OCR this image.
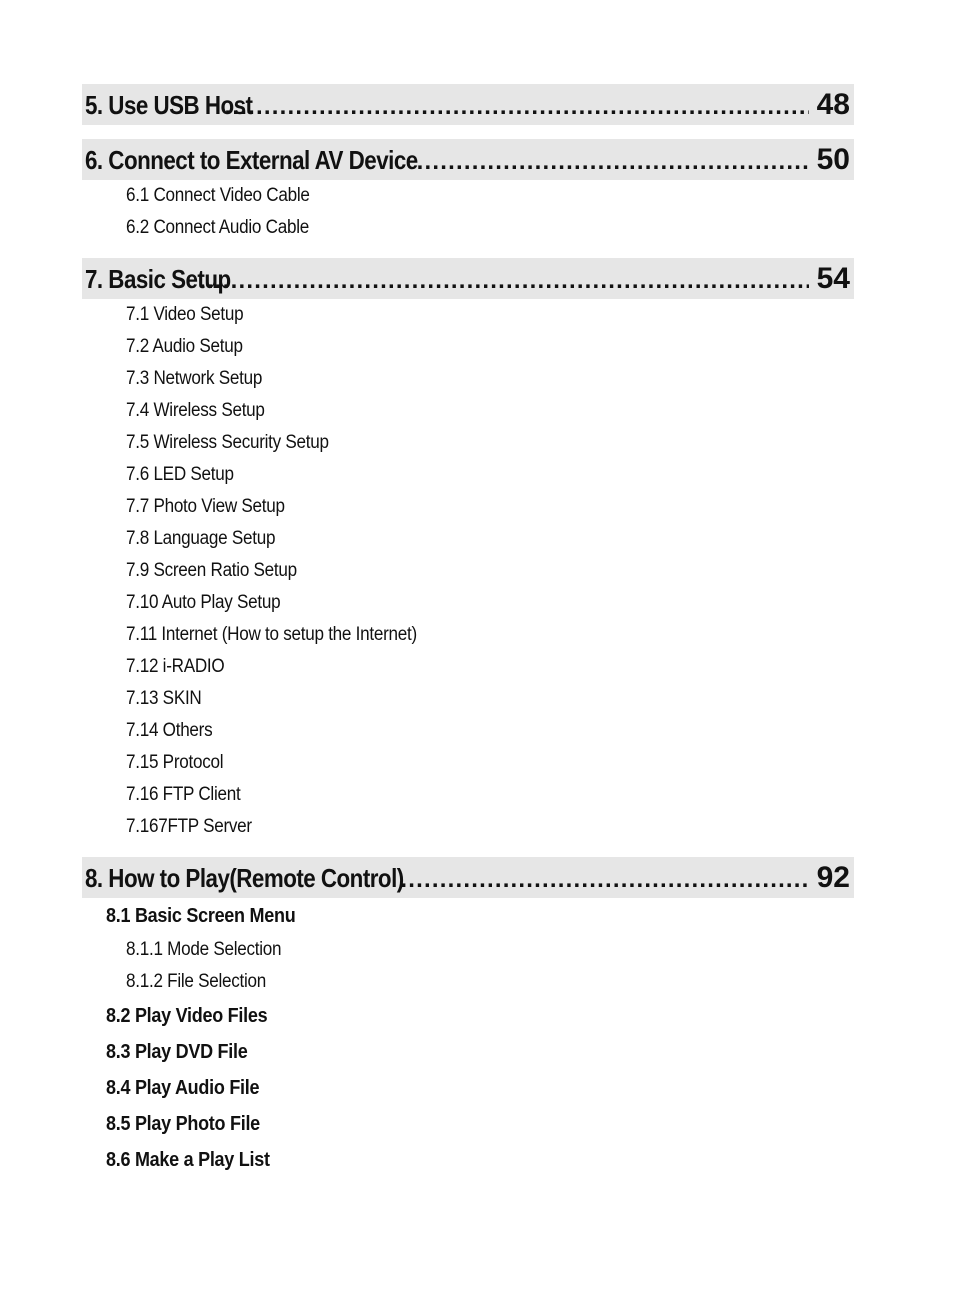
5. Use USB Host .....	48
6. Connect to External AV Device .....	50
6.1 Connect Video Cable
6.2 Connect Audio Cable
7. Basic Setup .....	54
7.1 Video Setup
7.2 Audio Setup
7.3 Network Setup
7.4 Wireless Setup
7.5 Wireless Security Setup
7.6 LED Setup
7.7 Photo View Setup
7.8 Language Setup
7.9 Screen Ratio Setup
7.10 Auto Play Setup
7.11 Internet (How to setup the Internet)
7.12 i-RADIO
7.13 SKIN
7.14 Others
7.15 Protocol
7.16 FTP Client
7.167FTP Server
8. How to Play(Remote Control) .....	92
8.1 Basic Screen Menu
8.1.1 Mode Selection
8.1.2 File Selection
8.2 Play Video Files
8.3 Play DVD File
8.4 Play Audio File
8.5 Play Photo File
8.6 Make a Play List
